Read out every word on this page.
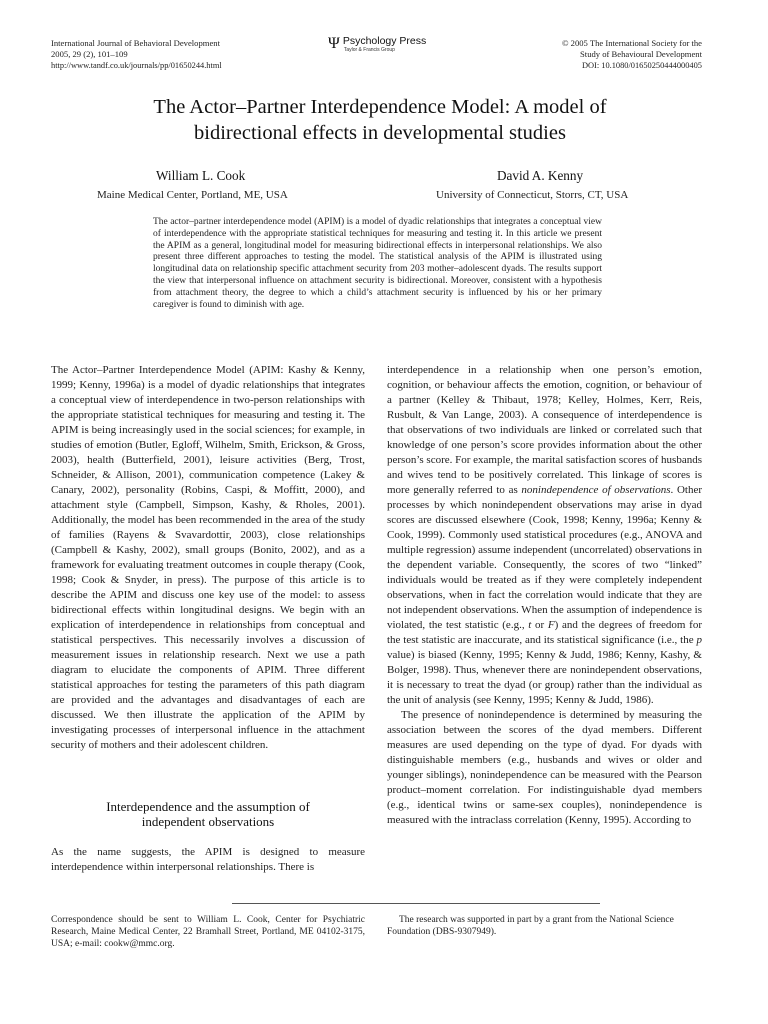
International Journal of Behavioral Development
2005, 29 (2), 101–109
http://www.tandf.co.uk/journals/pp/01650244.html
Ψ Psychology Press
Taylor & Francis Group
© 2005 The International Society for the
Study of Behavioural Development
DOI: 10.1080/01650250444000405
The Actor–Partner Interdependence Model: A model of
bidirectional effects in developmental studies
William L. Cook	David A. Kenny
Maine Medical Center, Portland, ME, USA	University of Connecticut, Storrs, CT, USA
The actor–partner interdependence model (APIM) is a model of dyadic relationships that integrates a conceptual view of interdependence with the appropriate statistical techniques for measuring and testing it. In this article we present the APIM as a general, longitudinal model for measuring bidirectional effects in interpersonal relationships. We also present three different approaches to testing the model. The statistical analysis of the APIM is illustrated using longitudinal data on relationship specific attachment security from 203 mother–adolescent dyads. The results support the view that interpersonal influence on attachment security is bidirectional. Moreover, consistent with a hypothesis from attachment theory, the degree to which a child’s attachment security is influenced by his or her primary caregiver is found to diminish with age.

The Actor–Partner Interdependence Model (APIM: Kashy & Kenny, 1999; Kenny, 1996a) is a model of dyadic relationships that integrates a conceptual view of interdependence in two-person relationships with the appropriate statistical techniques for measuring and testing it. The APIM is being increasingly used in the social sciences; for example, in studies of emotion (Butler, Egloff, Wilhelm, Smith, Erickson, & Gross, 2003), health (Butterfield, 2001), leisure activities (Berg, Trost, Schneider, & Allison, 2001), communication competence (Lakey & Canary, 2002), personality (Robins, Caspi, & Moffitt, 2000), and attachment style (Campbell, Simpson, Kashy, & Rholes, 2001). Additionally, the model has been recommended in the area of the study of families (Rayens & Svavardottir, 2003), close relationships (Campbell & Kashy, 2002), small groups (Bonito, 2002), and as a framework for evaluating treatment outcomes in couple therapy (Cook, 1998; Cook & Snyder, in press). The purpose of this article is to describe the APIM and discuss one key use of the model: to assess bidirectional effects within longitudinal designs. We begin with an explication of interdependence in relationships from conceptual and statistical perspectives. This necessarily involves a discussion of measurement issues in relationship research. Next we use a path diagram to elucidate the components of APIM. Three different statistical approaches for testing the parameters of this path diagram are provided and the advantages and disadvantages of each are discussed. We then illustrate the application of the APIM by investigating processes of interpersonal influence in the attachment security of mothers and their adolescent children.

Interdependence and the assumption of
independent observations

As the name suggests, the APIM is designed to measure interdependence within interpersonal relationships. There is

interdependence in a relationship when one person’s emotion, cognition, or behaviour affects the emotion, cognition, or behaviour of a partner (Kelley & Thibaut, 1978; Kelley, Holmes, Kerr, Reis, Rusbult, & Van Lange, 2003). A consequence of interdependence is that observations of two individuals are linked or correlated such that knowledge of one person’s score provides information about the other person’s score. For example, the marital satisfaction scores of husbands and wives tend to be positively correlated. This linkage of scores is more generally referred to as nonindependence of observations. Other processes by which nonindependent observations may arise in dyad scores are discussed elsewhere (Cook, 1998; Kenny, 1996a; Kenny & Cook, 1999). Commonly used statistical procedures (e.g., ANOVA and multiple regression) assume independent (uncorrelated) observations in the dependent variable. Consequently, the scores of two “linked” individuals would be treated as if they were completely independent observations, when in fact the correlation would indicate that they are not independent observations. When the assumption of independence is violated, the test statistic (e.g., t or F) and the degrees of freedom for the test statistic are inaccurate, and its statistical significance (i.e., the p value) is biased (Kenny, 1995; Kenny & Judd, 1986; Kenny, Kashy, & Bolger, 1998). Thus, whenever there are nonindependent observations, it is necessary to treat the dyad (or group) rather than the individual as the unit of analysis (see Kenny, 1995; Kenny & Judd, 1986).

The presence of nonindependence is determined by measuring the association between the scores of the dyad members. Different measures are used depending on the type of dyad. For dyads with distinguishable members (e.g., husbands and wives or older and younger siblings), nonindependence can be measured with the Pearson product–moment correlation. For indistinguishable dyad members (e.g., identical twins or same-sex couples), nonindependence is measured with the intraclass correlation (Kenny, 1995). According to

Correspondence should be sent to William L. Cook, Center for Psychiatric Research, Maine Medical Center, 22 Bramhall Street, Portland, ME 04102-3175, USA; e-mail: cookw@mmc.org.
The research was supported in part by a grant from the National Science Foundation (DBS-9307949).
